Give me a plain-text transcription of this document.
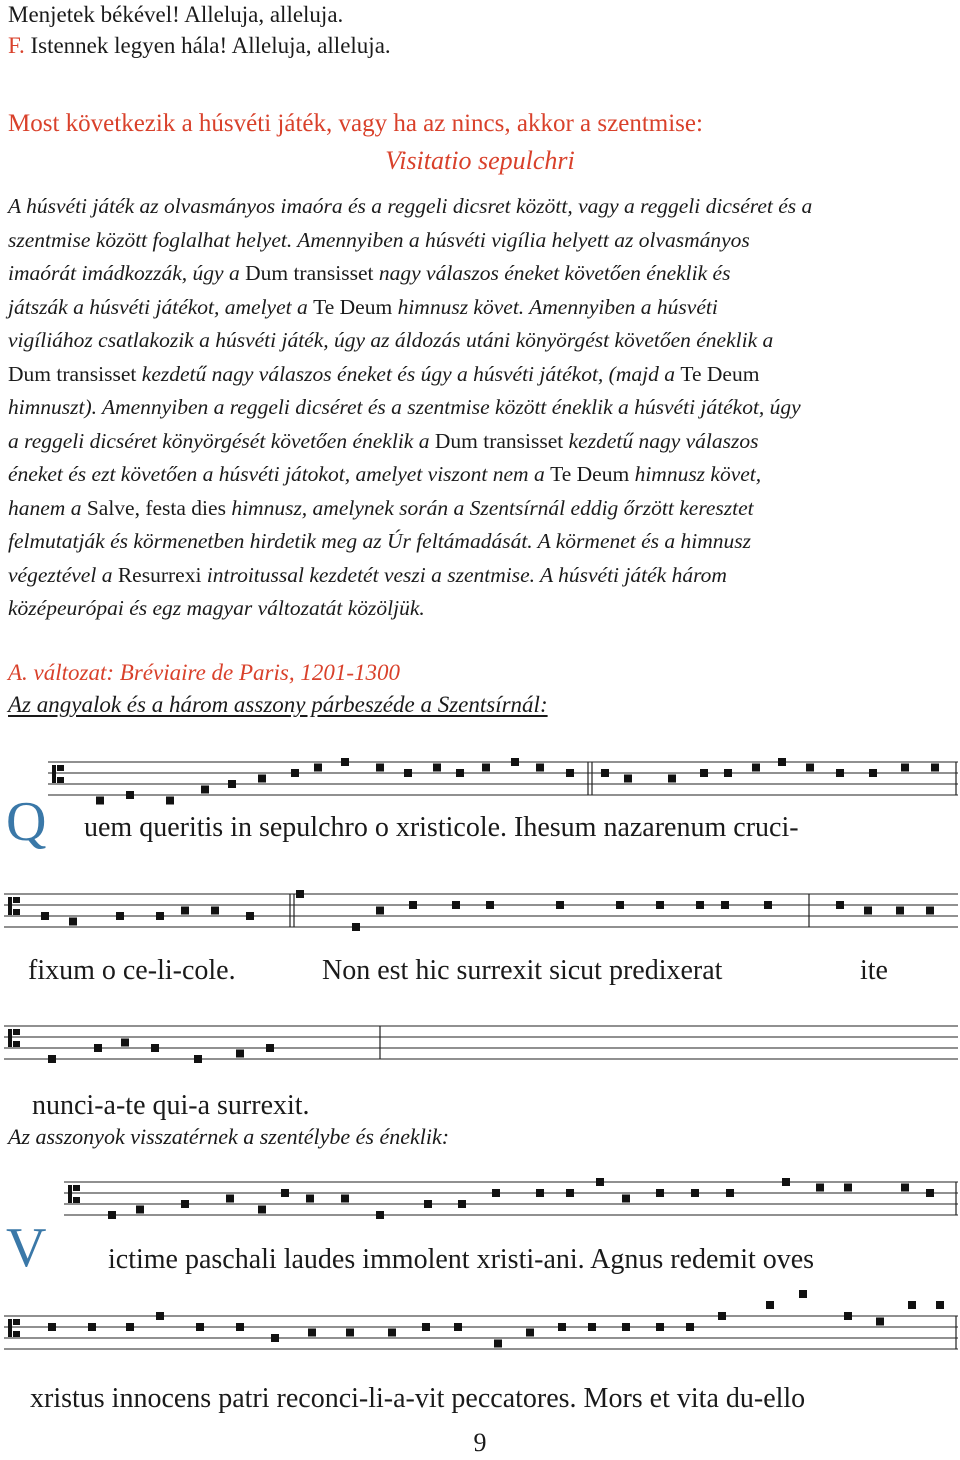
Menjetek békével! Alleluja, alleluja.
F. Istennek legyen hála! Alleluja, alleluja.
Most következik a húsvéti játék, vagy ha az nincs, akkor a szentmise:
Visitatio sepulchri
A húsvéti játék az olvasmányos imaóra és a reggeli dicsret között, vagy a reggeli dicséret és a
szentmise között foglalhat helyet. Amennyiben a húsvéti vigília helyett az olvasmányos
imaórát imádkozzák, úgy a Dum transisset nagy válaszos éneket követően éneklik és
játszák a húsvéti játékot, amelyet a Te Deum himnusz követ. Amennyiben a húsvéti
vigíliához csatlakozik a húsvéti játék, úgy az áldozás utáni könyörgést követően éneklik a
Dum transisset kezdetű nagy válaszos éneket és úgy a húsvéti játékot, (majd a Te Deum
himnuszt). Amennyiben a reggeli dicséret és a szentmise között éneklik a húsvéti játékot, úgy
a reggeli dicséret könyörgését követően éneklik a Dum transisset kezdetű nagy válaszos
éneket és ezt követően a húsvéti játokot, amelyet viszont nem a Te Deum himnusz követ,
hanem a Salve, festa dies himnusz, amelynek során a Szentsírnál eddig őrzött keresztet
felmutatják és körmenetben hirdetik meg az Úr feltámadását. A körmenet és a himnusz
végeztével a Resurrexi introitussal kezdetét veszi a szentmise. A húsvéti játék három
középeurópai és egz magyar változatát közöljük.
A. változat: Bréviaire de Paris, 1201-1300
Az angyalok és a három asszony párbeszéde a Szentsírnál:
Q uem queritis in sepulchro o xristicole. Ihesum nazarenum cruci-
fixum o ce-li-cole.	Non est hic surrexit sicut predixerat	ite
nunci-a-te qui-a surrexit.
Az asszonyok visszatérnek a szentélybe és éneklik:
V ictime paschali laudes immolent xristi-ani. Agnus redemit oves
xristus innocens patri reconci-li-a-vit peccatores. Mors et vita du-ello
9
